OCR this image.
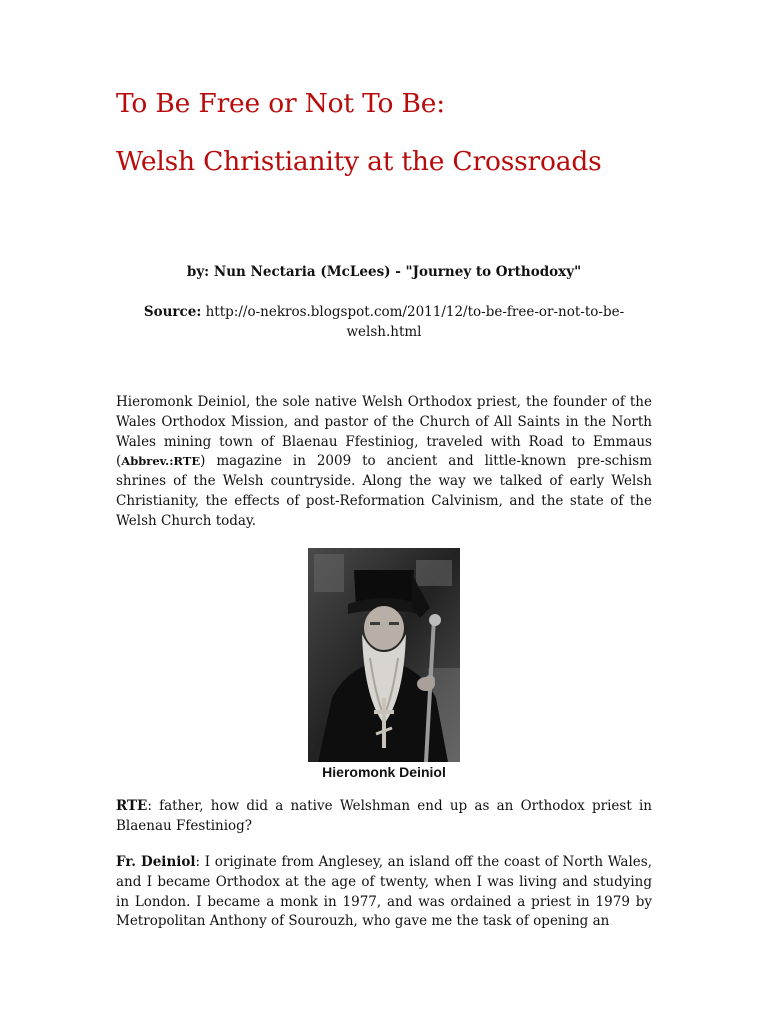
To Be Free or Not To Be:
Welsh Christianity at the Crossroads
by: Nun Nectaria (McLees) - "Journey to Orthodoxy"
Source: http://o-nekros.blogspot.com/2011/12/to-be-free-or-not-to-be-
welsh.html
Hieromonk Deiniol, the sole native Welsh Orthodox priest, the founder of the Wales Orthodox Mission, and pastor of the Church of All Saints in the North Wales mining town of Blaenau Ffestiniog, traveled with Road to Emmaus (Abbrev.:RTE) magazine in 2009 to ancient and little-known pre-schism shrines of the Welsh countryside. Along the way we talked of early Welsh Christianity, the effects of post-Reformation Calvinism, and the state of the Welsh Church today.
Hieromonk Deiniol
RTE: father, how did a native Welshman end up as an Orthodox priest in Blaenau Ffestiniog?
Fr. Deiniol: I originate from Anglesey, an island off the coast of North Wales, and I became Orthodox at the age of twenty, when I was living and studying in London. I became a monk in 1977, and was ordained a priest in 1979 by Metropolitan Anthony of Sourouzh, who gave me the task of opening an
